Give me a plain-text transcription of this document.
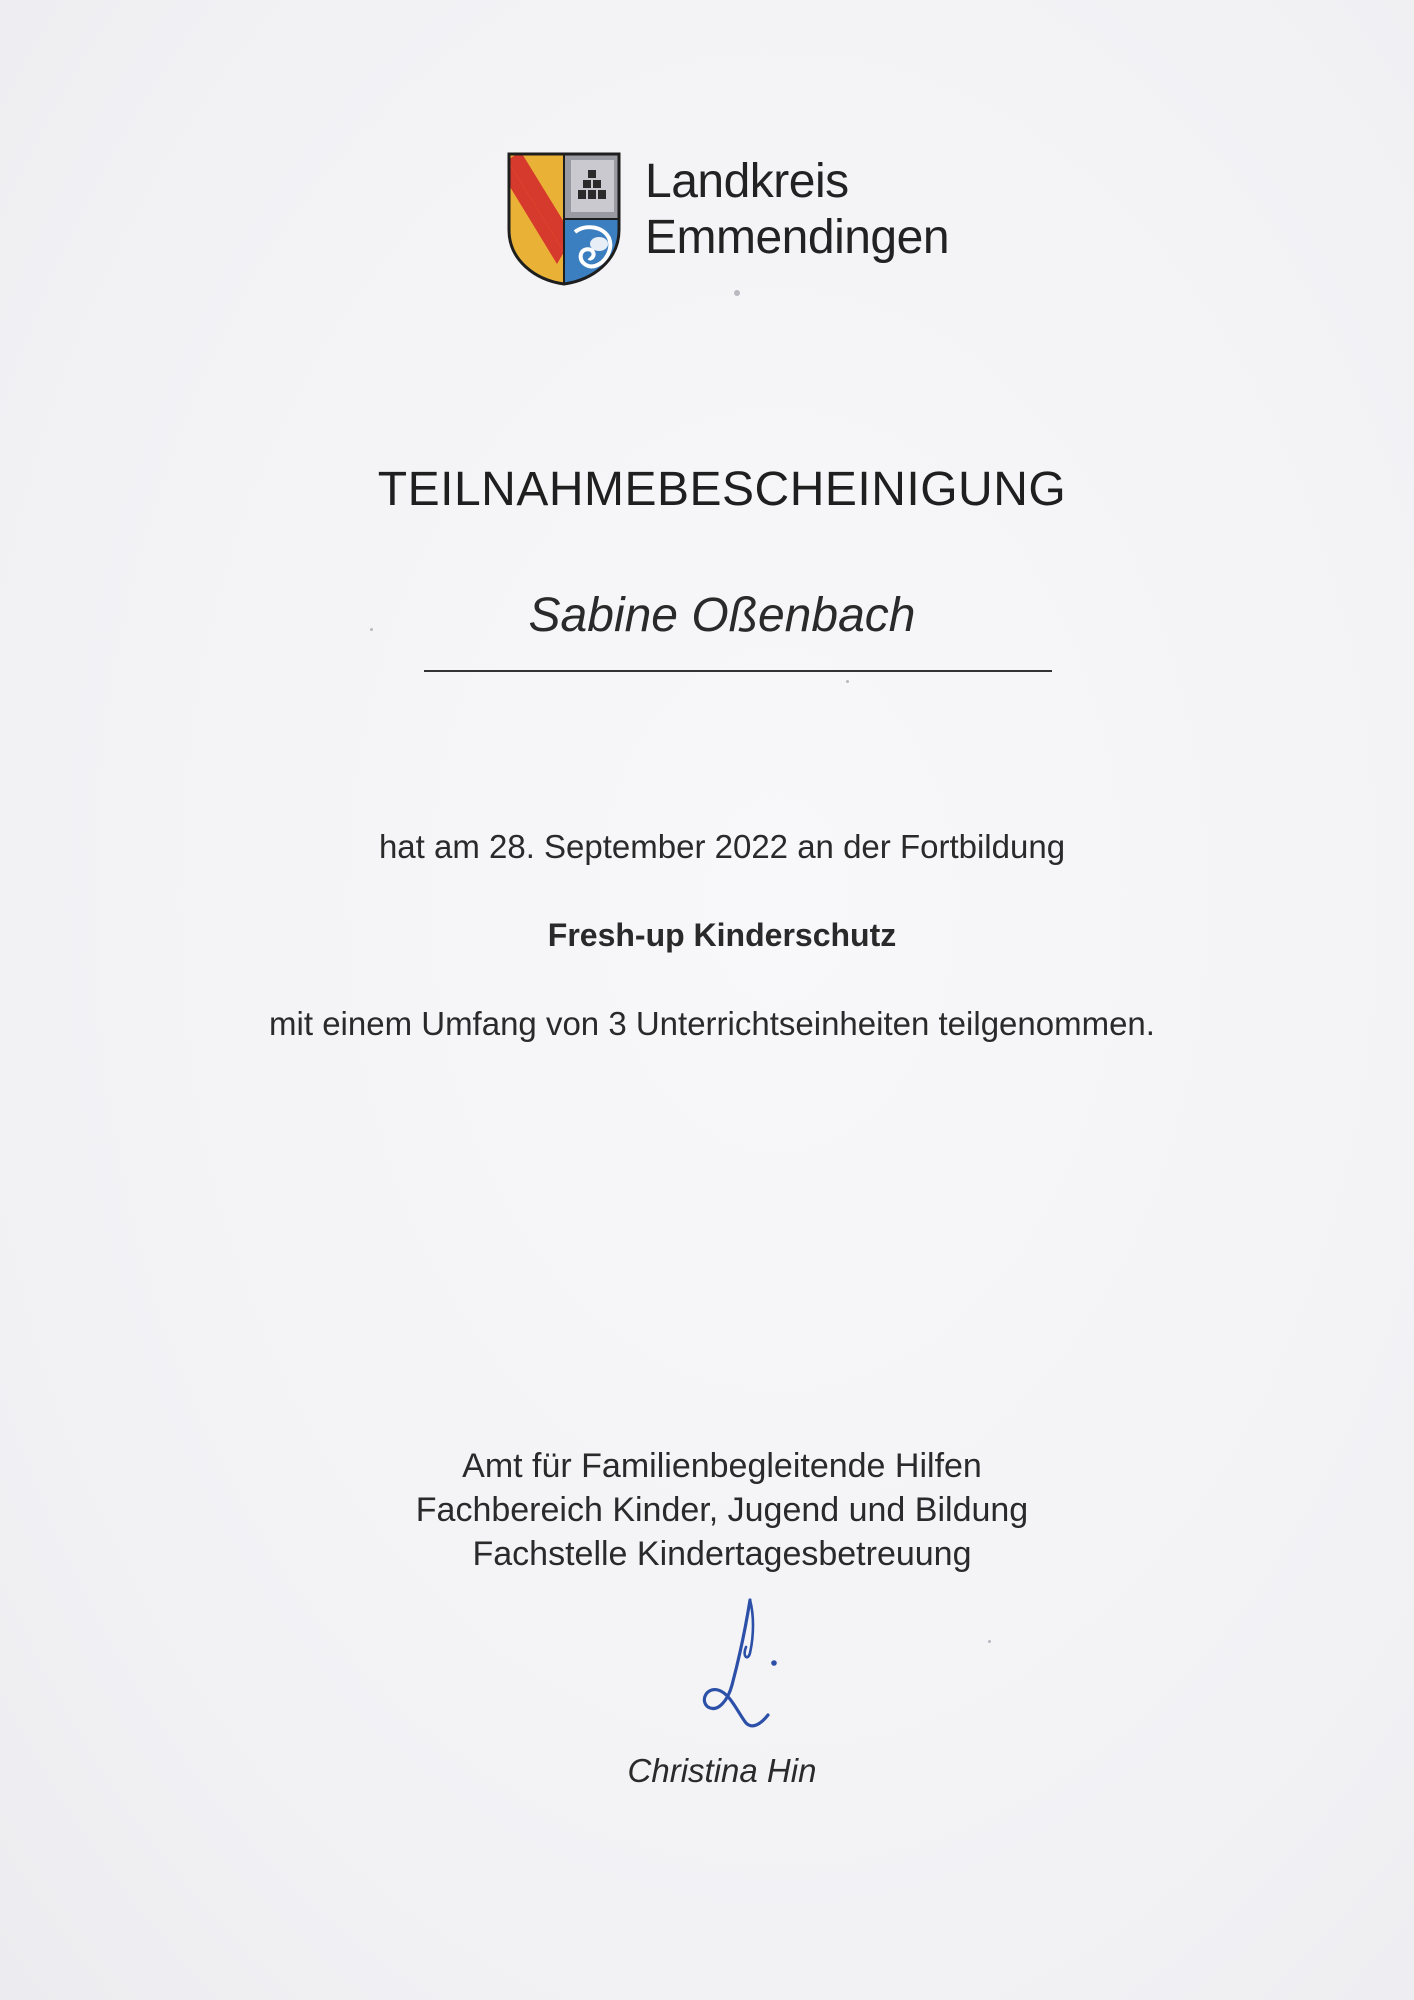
Landkreis
Emmendingen
TEILNAHMEBESCHEINIGUNG
Sabine Oßenbach
hat am 28. September 2022 an der Fortbildung
Fresh-up Kinderschutz
mit einem Umfang von 3 Unterrichtseinheiten teilgenommen.
Amt für Familienbegleitende Hilfen
Fachbereich Kinder, Jugend und Bildung
Fachstelle Kindertagesbetreuung
Christina Hin
